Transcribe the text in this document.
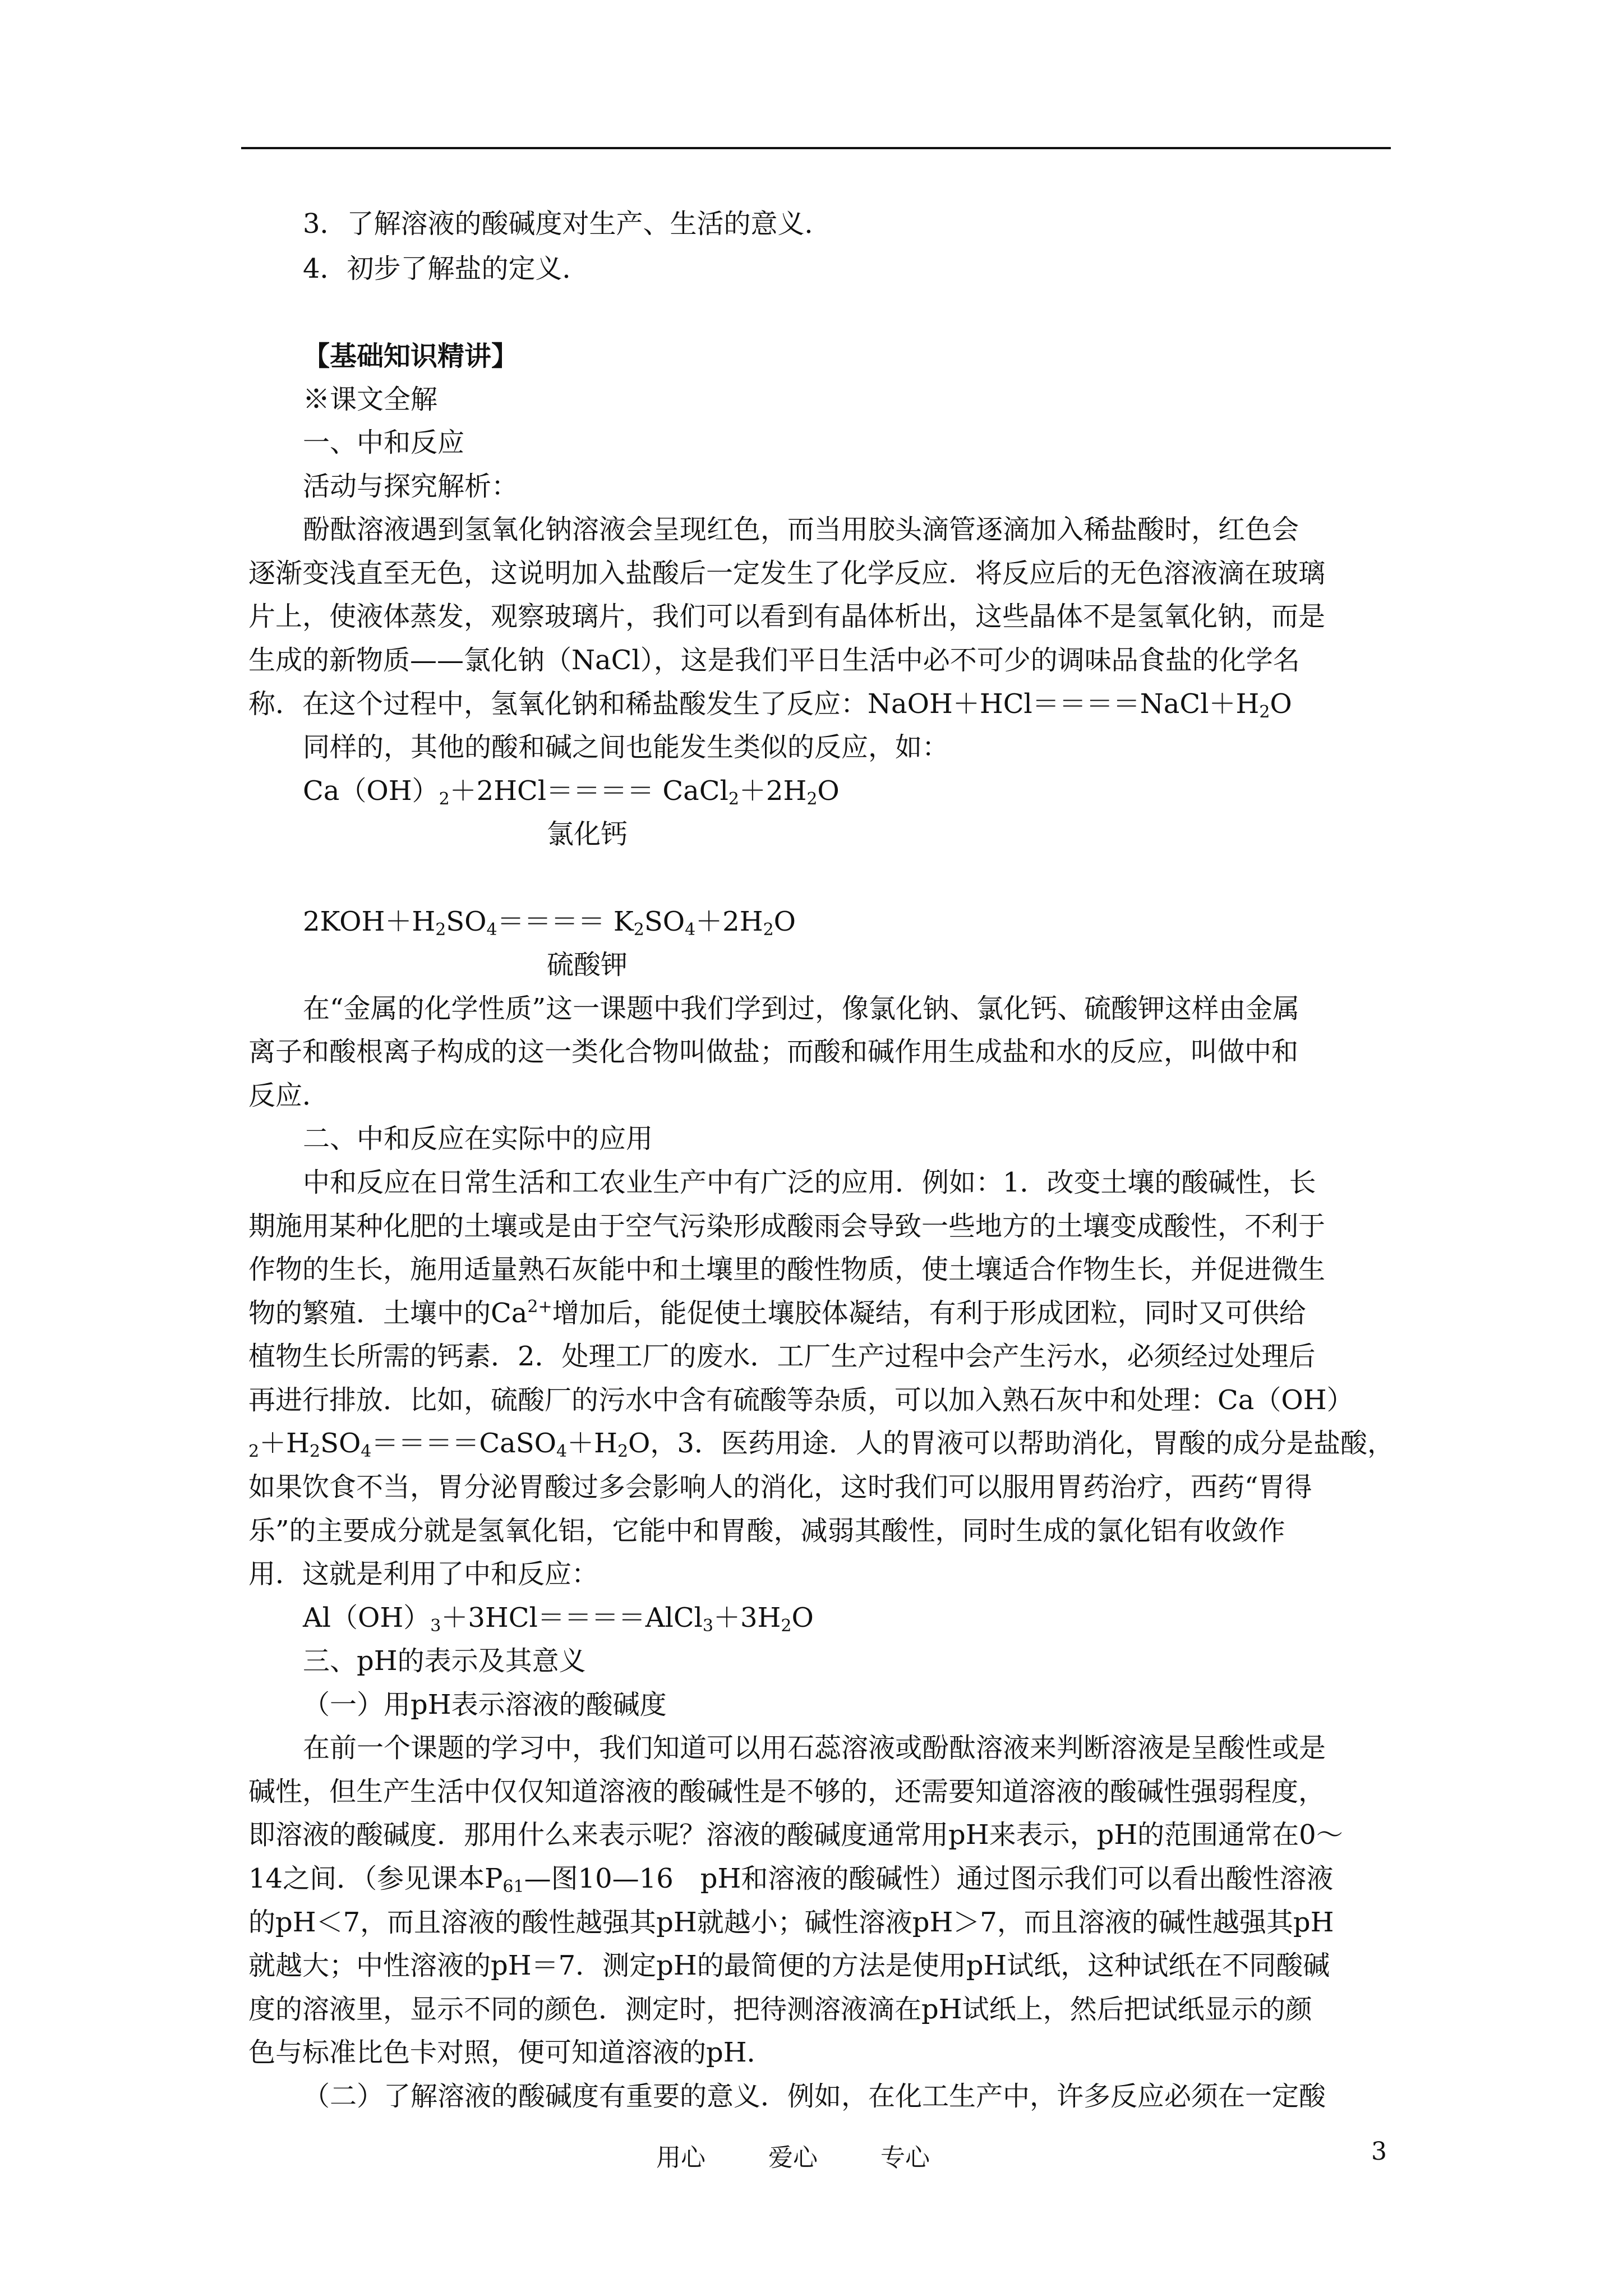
3．了解溶液的酸碱度对生产、生活的意义．
4．初步了解盐的定义．
【基础知识精讲】
※课文全解
一、中和反应
活动与探究解析：
酚酞溶液遇到氢氧化钠溶液会呈现红色，而当用胶头滴管逐滴加入稀盐酸时，红色会
逐渐变浅直至无色，这说明加入盐酸后一定发生了化学反应．将反应后的无色溶液滴在玻璃
片上，使液体蒸发，观察玻璃片，我们可以看到有晶体析出，这些晶体不是氢氧化钠，而是
生成的新物质——氯化钠（NaCl），这是我们平日生活中必不可少的调味品食盐的化学名
称．在这个过程中，氢氧化钠和稀盐酸发生了反应：$NaOH+HCl====NaCl+H_2O$
同样的，其他的酸和碱之间也能发生类似的反应，如：
$Ca(OH)_2+2HCl====$ $CaCl_2+2H_2O$
氯化钙
$2KOH+H_2SO_4==== K_2SO_4+2H_2O$
硫酸钾
在“金属的化学性质”这一课题中我们学到过，像氯化钠、氯化钙、硫酸钾这样由金属
离子和酸根离子构成的这一类化合物叫做盐；而酸和碱作用生成盐和水的反应，叫做中和
反应．
二、中和反应在实际中的应用
中和反应在日常生活和工农业生产中有广泛的应用．例如：1．改变土壤的酸碱性，长
期施用某种化肥的土壤或是由于空气污染形成酸雨会导致一些地方的土壤变成酸性，不利于
作物的生长，施用适量熟石灰能中和土壤里的酸性物质，使土壤适合作物生长，并促进微生
物的繁殖．土壤中的$Ca^{2+}$增加后，能促使土壤胶体凝结，有利于形成团粒，同时又可供给
植物生长所需的钙素．2．处理工厂的废水．工厂生产过程中会产生污水，必须经过处理后
再进行排放．比如，硫酸厂的污水中含有硫酸等杂质，可以加入熟石灰中和处理：Ca（OH）
$_2+H_2SO_4====CaSO_4+H_2O$，3．医药用途．人的胃液可以帮助消化，胃酸的成分是盐酸，
如果饮食不当，胃分泌胃酸过多会影响人的消化，这时我们可以服用胃药治疗，西药“胃得
乐”的主要成分就是氢氧化铝，它能中和胃酸，减弱其酸性，同时生成的氯化铝有收敛作
用．这就是利用了中和反应：
$Al(OH)_3+3HCl====AlCl_3+3H_2O$
三、pH的表示及其意义
（一）用pH表示溶液的酸碱度
在前一个课题的学习中，我们知道可以用石蕊溶液或酚酞溶液来判断溶液是呈酸性或是
碱性，但生产生活中仅仅知道溶液的酸碱性是不够的，还需要知道溶液的酸碱性强弱程度，
即溶液的酸碱度．那用什么来表示呢？溶液的酸碱度通常用pH来表示，pH的范围通常在0～
14之间．（参见课本$P_{61}—$图10—16　pH和溶液的酸碱性）通过图示我们可以看出酸性溶液
的pH＜7，而且溶液的酸性越强其pH就越小；碱性溶液pH＞7，而且溶液的碱性越强其pH
就越大；中性溶液的pH＝7．测定pH的最简便的方法是使用pH试纸，这种试纸在不同酸碱
度的溶液里，显示不同的颜色．测定时，把待测溶液滴在pH试纸上，然后把试纸显示的颜
色与标准比色卡对照，便可知道溶液的pH．
（二）了解溶液的酸碱度有重要的意义．例如，在化工生产中，许多反应必须在一定酸
用心	爱心	专心	3
